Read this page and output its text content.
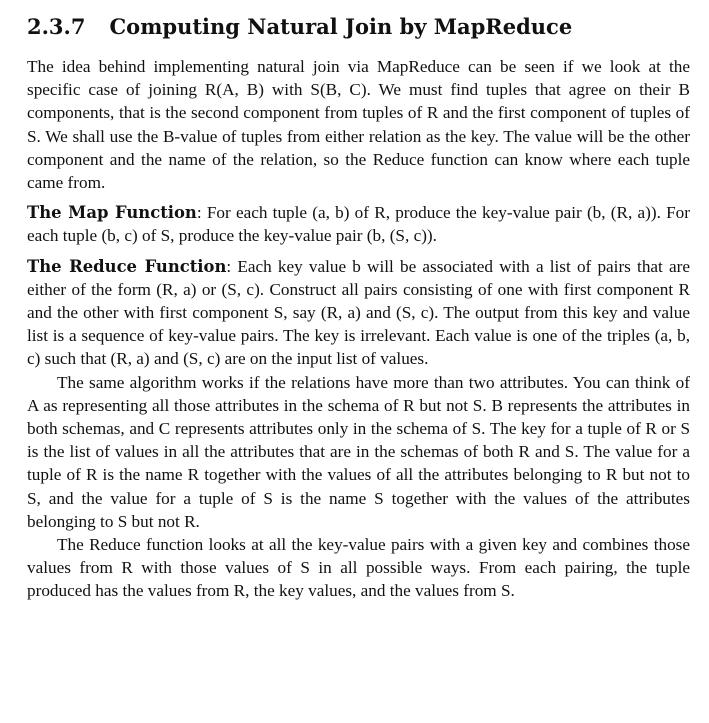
2.3.7 Computing Natural Join by MapReduce

The idea behind implementing natural join via MapReduce can be seen if we look at the specific case of joining R(A, B) with S(B, C). We must find tuples that agree on their B components, that is the second component from tuples of R and the first component of tuples of S. We shall use the B-value of tuples from either relation as the key. The value will be the other component and the name of the relation, so the Reduce function can know where each tuple came from.

The Map Function: For each tuple (a, b) of R, produce the key-value pair (b, (R, a)). For each tuple (b, c) of S, produce the key-value pair (b, (S, c)).

The Reduce Function: Each key value b will be associated with a list of pairs that are either of the form (R, a) or (S, c). Construct all pairs consisting of one with first component R and the other with first component S, say (R, a) and (S, c). The output from this key and value list is a sequence of key-value pairs. The key is irrelevant. Each value is one of the triples (a, b, c) such that (R, a) and (S, c) are on the input list of values.

The same algorithm works if the relations have more than two attributes. You can think of A as representing all those attributes in the schema of R but not S. B represents the attributes in both schemas, and C represents attributes only in the schema of S. The key for a tuple of R or S is the list of values in all the attributes that are in the schemas of both R and S. The value for a tuple of R is the name R together with the values of all the attributes belonging to R but not to S, and the value for a tuple of S is the name S together with the values of the attributes belonging to S but not R.

The Reduce function looks at all the key-value pairs with a given key and combines those values from R with those values of S in all possible ways. From each pairing, the tuple produced has the values from R, the key values, and the values from S.
